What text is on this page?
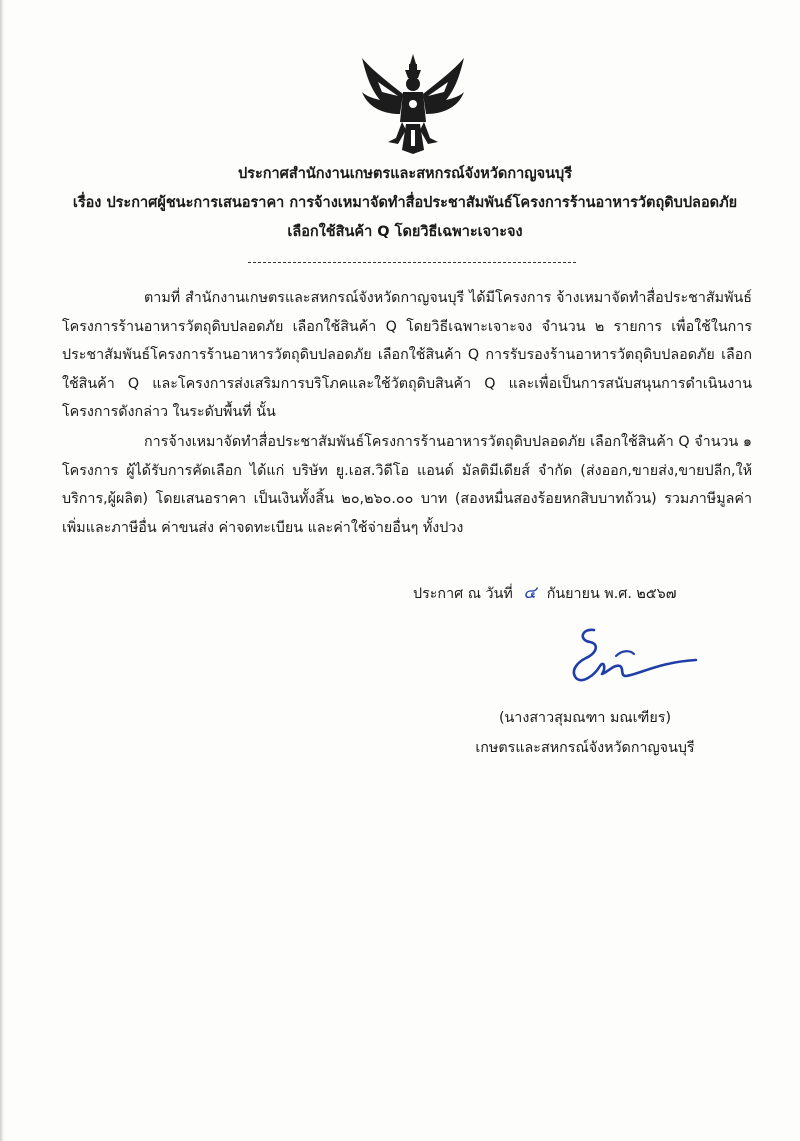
ประกาศสำนักงานเกษตรและสหกรณ์จังหวัดกาญจนบุรี
เรื่อง ประกาศผู้ชนะการเสนอราคา การจ้างเหมาจัดทำสื่อประชาสัมพันธ์โครงการร้านอาหารวัตถุดิบปลอดภัย
เลือกใช้สินค้า Q โดยวิธีเฉพาะเจาะจง
ตามที่ สำนักงานเกษตรและสหกรณ์จังหวัดกาญจนบุรี ได้มีโครงการ จ้างเหมาจัดทำสื่อประชาสัมพันธ์โครงการร้านอาหารวัตถุดิบปลอดภัย เลือกใช้สินค้า Q โดยวิธีเฉพาะเจาะจง จำนวน ๒ รายการ เพื่อใช้ในการประชาสัมพันธ์โครงการร้านอาหารวัตถุดิบปลอดภัย เลือกใช้สินค้า Q การรับรองร้านอาหารวัตถุดิบปลอดภัย เลือกใช้สินค้า Q และโครงการส่งเสริมการบริโภคและใช้วัตถุดิบสินค้า Q และเพื่อเป็นการสนับสนุนการดำเนินงานโครงการดังกล่าว ในระดับพื้นที่ นั้น
การจ้างเหมาจัดทำสื่อประชาสัมพันธ์โครงการร้านอาหารวัตถุดิบปลอดภัย เลือกใช้สินค้า Q จำนวน ๑ โครงการ ผู้ได้รับการคัดเลือก ได้แก่ บริษัท ยู.เอส.วิดีโอ แอนด์ มัลติมีเดียส์ จำกัด (ส่งออก,ขายส่ง,ขายปลีก,ให้บริการ,ผู้ผลิต) โดยเสนอราคา เป็นเงินทั้งสิ้น ๒๐,๒๖๐.๐๐ บาท (สองหมื่นสองร้อยหกสิบบาทถ้วน) รวมภาษีมูลค่าเพิ่มและภาษีอื่น ค่าขนส่ง ค่าจดทะเบียน และค่าใช้จ่ายอื่นๆ ทั้งปวง
ประกาศ ณ วันที่ ๔ กันยายน พ.ศ. ๒๕๖๗
(นางสาวสุมณฑา มณเฑียร)
เกษตรและสหกรณ์จังหวัดกาญจนบุรี
